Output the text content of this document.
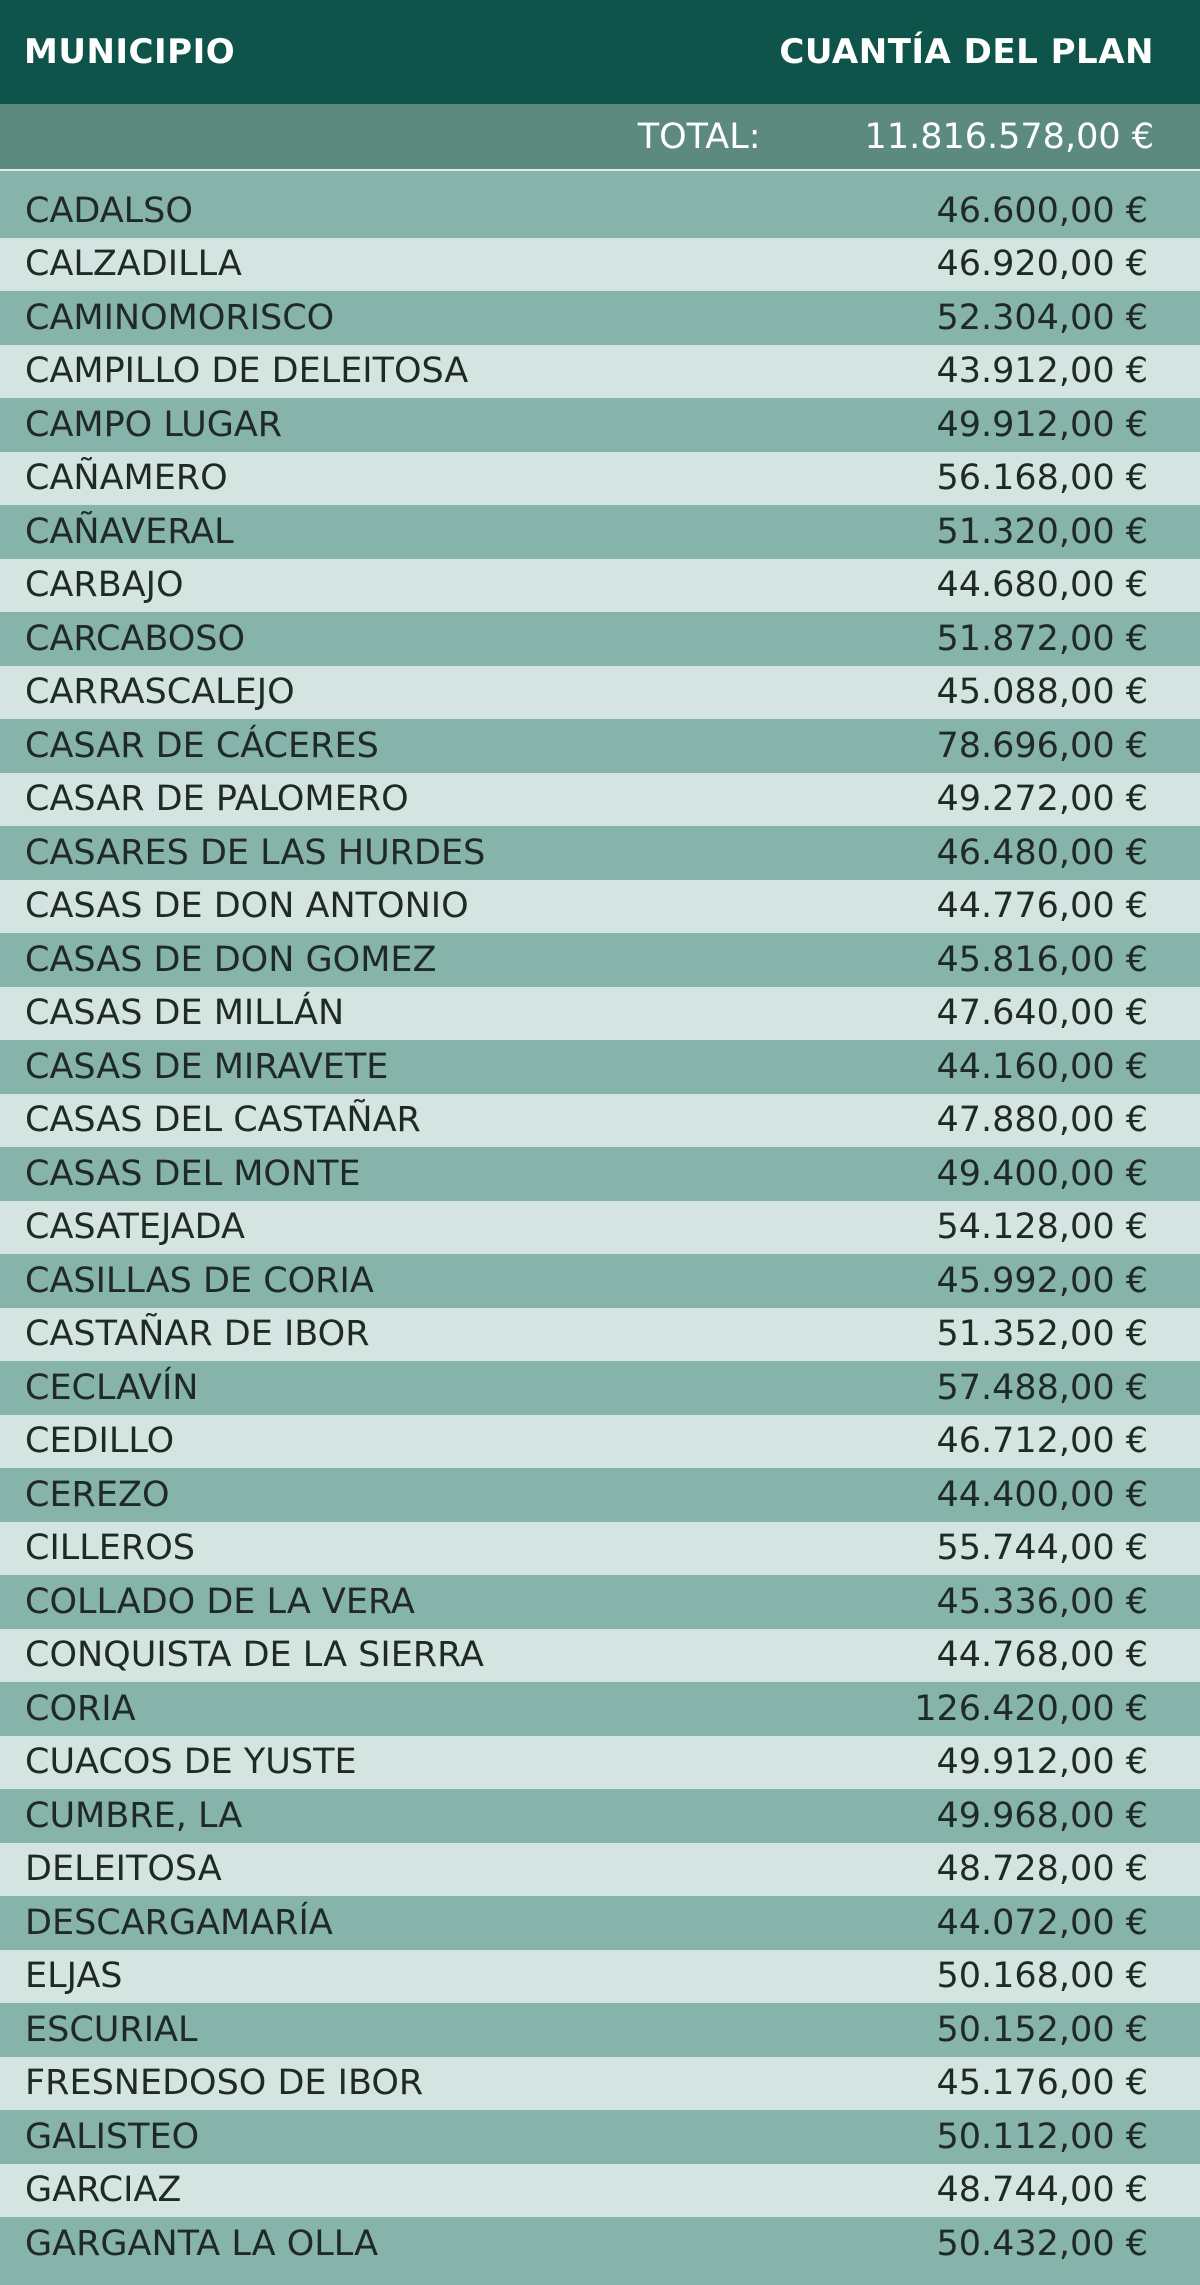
MUNICIPIO	CUANTÍA DEL PLAN
TOTAL:	11.816.578,00 €
CADALSO	46.600,00 €
CALZADILLA	46.920,00 €
CAMINOMORISCO	52.304,00 €
CAMPILLO DE DELEITOSA	43.912,00 €
CAMPO LUGAR	49.912,00 €
CAÑAMERO	56.168,00 €
CAÑAVERAL	51.320,00 €
CARBAJO	44.680,00 €
CARCABOSO	51.872,00 €
CARRASCALEJO	45.088,00 €
CASAR DE CÁCERES	78.696,00 €
CASAR DE PALOMERO	49.272,00 €
CASARES DE LAS HURDES	46.480,00 €
CASAS DE DON ANTONIO	44.776,00 €
CASAS DE DON GOMEZ	45.816,00 €
CASAS DE MILLÁN	47.640,00 €
CASAS DE MIRAVETE	44.160,00 €
CASAS DEL CASTAÑAR	47.880,00 €
CASAS DEL MONTE	49.400,00 €
CASATEJADA	54.128,00 €
CASILLAS DE CORIA	45.992,00 €
CASTAÑAR DE IBOR	51.352,00 €
CECLAVÍN	57.488,00 €
CEDILLO	46.712,00 €
CEREZO	44.400,00 €
CILLEROS	55.744,00 €
COLLADO DE LA VERA	45.336,00 €
CONQUISTA DE LA SIERRA	44.768,00 €
CORIA	126.420,00 €
CUACOS DE YUSTE	49.912,00 €
CUMBRE, LA	49.968,00 €
DELEITOSA	48.728,00 €
DESCARGAMARÍA	44.072,00 €
ELJAS	50.168,00 €
ESCURIAL	50.152,00 €
FRESNEDOSO DE IBOR	45.176,00 €
GALISTEO	50.112,00 €
GARCIAZ	48.744,00 €
GARGANTA LA OLLA	50.432,00 €
